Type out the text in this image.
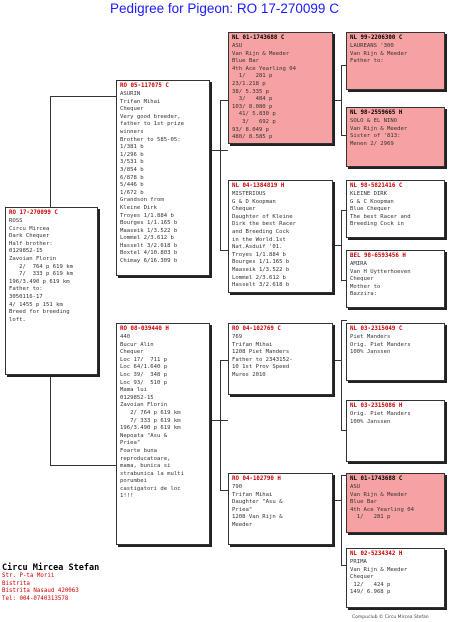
Pedigree for Pigeon: RO 17-270099 C
RO 17-270099 C
ROSS
Circu Mircea
Dark Chequer
Half brother:
0129852-15
Zavoian Florin
2/  764 p 619 km
7/  333 p 619 km
196/3.490 p 619 km
Father to:
3050116-17
4/ 1455 p 151 km
Breed for breeding
loft.
RO 05-117075 C
ASURIN
Trifan Mihai
Chequer
Very good breeder,
father to 1st prize
winners
Brother to 585-05:
1/381 b
1/296 b
3/531 b
3/854 b
6/878 b
5/446 b
1/672 b
Grandson from
Kleine Dirk
Troyes 1/1.884 b
Bourges 1/1.165 b
Maaseik 1/3.522 b
Lommel 2/3.612 b
Hasselt 3/2.618 b
Boxtel 4/10.803 b
Chimay 6/16.309 b
RO 08-039440 H
440
Bucur Alin
Chequer
Loc 17/  711 p
Loc 64/1.640 p
Loc 39/  348 p
Loc 93/  510 p
Mama lui
0129852-15
Zavoian Florin
2/ 764 p 619 km
7/ 333 p 619 km
196/3.490 p 619 km
Nepoata "Asu &
Priea"
Foarte buna
reproducatoare,
mama, bunica si
strabunica la multi
porumbei
castigatori de loc
1!!!
NL 01-1743688 C
ASU
Van Rijn & Meeder
Blue Bar
4th Ace Yearling 04
1/   281 p
23/1.218 p
38/ 5.335 p
3/   484 p
103/ 8.080 p
41/ 5.830 p
3/   692 p
93/ 8.049 p
480/ 8.585 p
NL 04-1384819 H
MISTERIOUS
G & D Koopman
Chequer
Daughter of Kleine
Dirk the best Racer
and Breeding Cock
in the World.1st
Nat.Asduif '01.
Troyes 1/1.884 b
Bourges 1/1.165 b
Maaseik 1/3.522 b
Lommel 2/3.612 b
Hasselt 3/2.618 b
RO 04-102769 C
769
Trifan Mihai
1208 Piet Manders
Father to 2343152-
10 1st Prov Speed
Mures 2010
RO 04-102790 H
790
Trifan Mihai
Daughter "Asu &
Priea"
1208 Van Rijn &
Meeder
NL 99-2206300 C
LAUREANS '300
Van Rijn & Meeder
Father to:
NL 98-2559665 H
SOLO & EL NINO
Van Rijn & Meeder
Sister of '813:
Menen 2/ 2969
NL 98-5821416 C
KLEINE DIRK
G & C Koopman
Blue Chequer
The best Racer and
Breeding Cock in
BEL 98-6593456 H
AMIRA
Van H Uytterhoeven
Chequer
Mother to
Bazzira:
NL 03-2315049 C
Piet Manders
Orig. Piet Manders
100% Janssen
NL 03-2315086 H
Orig. Piet Manders
100% Janssen
NL 01-1743688 C
ASU
Van Rijn & Meeder
Blue Bar
4th Ace Yearling 04
1/   281 p
NL 02-5234342 H
PRIMA
Van Rijn & Meeder
Chequer
12/   424 p
149/ 6.968 p
Circu Mircea Stefan
Str. P-ta Morii
Bistrita
Bistrita Nasaud 420063
Tel: 004-0740313578
Compuclub © Circu Mircea Stefan
